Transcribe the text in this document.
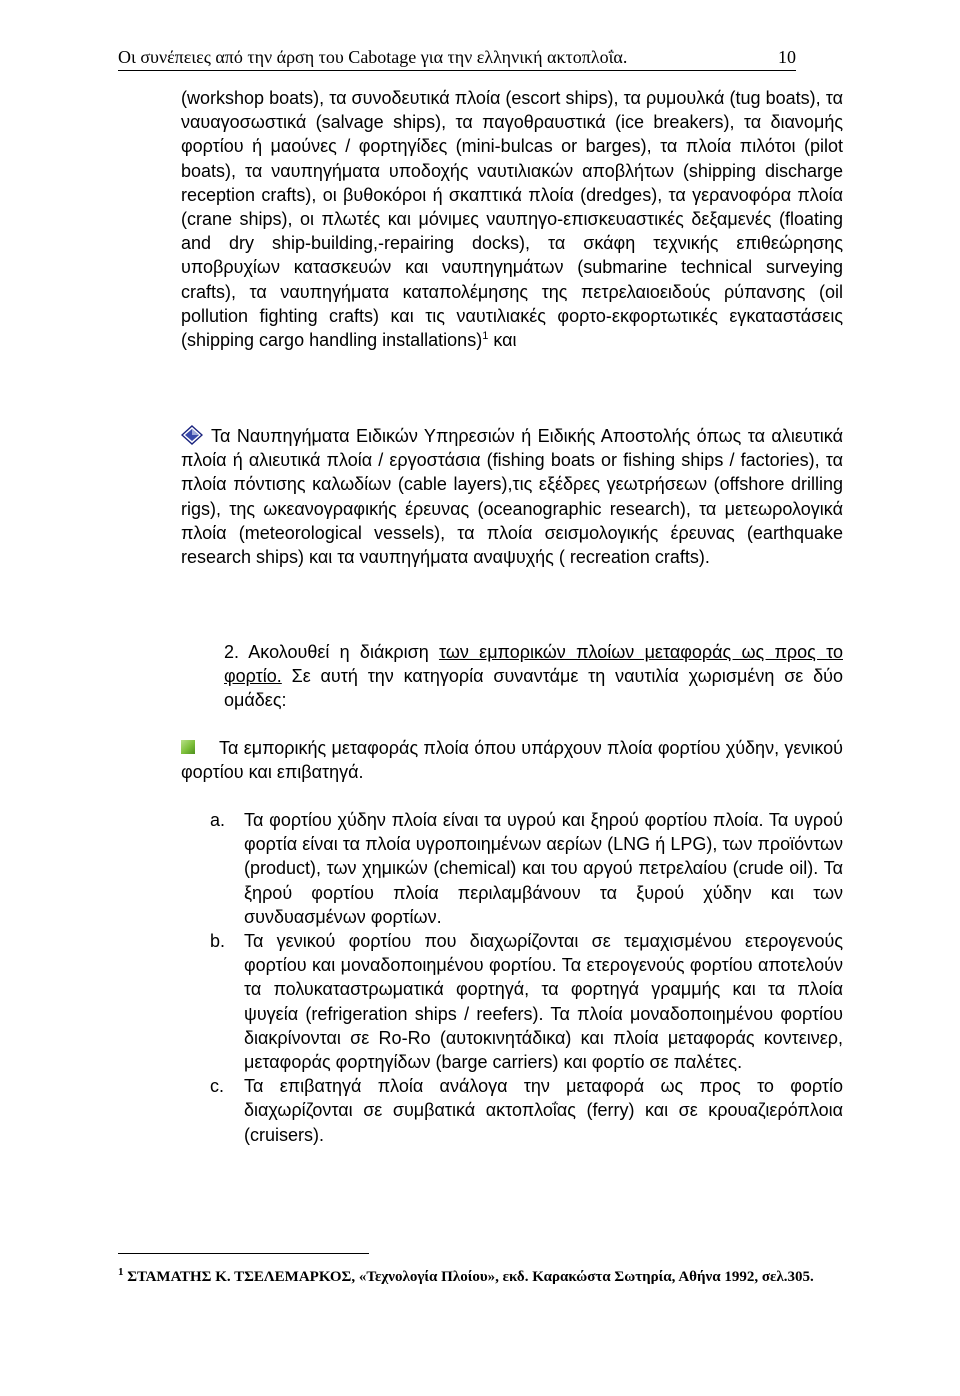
Οι συνέπειες από την άρση του Cabotage για την ελληνική ακτοπλοΐα.	10

(workshop boats), τα συνοδευτικά πλοία (escort ships), τα ρυμουλκά (tug boats), τα ναυαγοσωστικά (salvage ships), τα παγοθραυστικά (ice breakers), τα διανομής φορτίου ή μαούνες / φορτηγίδες (mini-bulcas or barges), τα πλοία πιλότοι (pilot boats), τα ναυπηγήματα υποδοχής ναυτιλιακών αποβλήτων (shipping discharge reception crafts), οι βυθοκόροι ή σκαπτικά πλοία (dredges), τα γερανοφόρα πλοία (crane ships), οι πλωτές και μόνιμες ναυπηγο-επισκευαστικές δεξαμενές (floating and dry ship-building,-repairing docks), τα σκάφη τεχνικής επιθεώρησης υποβρυχίων κατασκευών και ναυπηγημάτων (submarine technical surveying crafts), τα ναυπηγήματα καταπολέμησης της πετρελαιοειδούς ρύπανσης (oil pollution fighting crafts) και τις ναυτιλιακές φορτο-εκφορτωτικές εγκαταστάσεις (shipping cargo handling installations)$^1$ και

Τα Ναυπηγήματα Ειδικών Υπηρεσιών ή Ειδικής Αποστολής όπως τα αλιευτικά πλοία ή αλιευτικά πλοία / εργοστάσια (fishing boats or fishing ships / factories), τα πλοία πόντισης καλωδίων (cable layers),τις εξέδρες γεωτρήσεων (offshore drilling rigs), της ωκεανογραφικής έρευνας (oceanographic research), τα μετεωρολογικά πλοία (meteorological vessels), τα πλοία σεισμολογικής έρευνας (earthquake research ships) και τα ναυπηγήματα αναψυχής ( recreation crafts).

2. Ακολουθεί η διάκριση των εμπορικών πλοίων μεταφοράς ως προς το φορτίο. Σε αυτή την κατηγορία συναντάμε τη ναυτιλία χωρισμένη σε δύο ομάδες:

Τα εμπορικής μεταφοράς πλοία όπου υπάρχουν πλοία φορτίου χύδην, γενικού φορτίου και επιβατηγά.

a.	Τα φορτίου χύδην πλοία είναι τα υγρού και ξηρού φορτίου πλοία. Τα υγρού φορτία είναι τα πλοία υγροποιημένων αερίων (LNG ή LPG), των προϊόντων (product), των χημικών (chemical) και του αργού πετρελαίου (crude oil). Τα ξηρού φορτίου πλοία περιλαμβάνουν τα ξυρού χύδην και των συνδυασμένων φορτίων.

b.	Τα γενικού φορτίου που διαχωρίζονται σε τεμαχισμένου ετερογενούς φορτίου και μοναδοποιημένου φορτίου. Τα ετερογενούς φορτίου αποτελούν τα πολυκαταστρωματικά φορτηγά, τα φορτηγά γραμμής και τα πλοία ψυγεία (refrigeration ships / reefers). Τα πλοία μοναδοποιημένου φορτίου διακρίνονται σε Ro-Ro (αυτοκινητάδικα) και πλοία μεταφοράς κοντεινερ, μεταφοράς φορτηγίδων (barge carriers) και φορτίο σε παλέτες.

c.	Τα επιβατηγά πλοία ανάλογα την μεταφορά ως προς το φορτίο διαχωρίζονται σε συμβατικά ακτοπλοΐας (ferry) και σε κρουαζιερόπλοια (cruisers).

$^1$ ΣΤΑΜΑΤΗΣ Κ. ΤΣΕΛΕΜΑΡΚΟΣ, «Τεχνολογία Πλοίου», εκδ. Καρακώστα Σωτηρία, Αθήνα 1992, σελ.305.
